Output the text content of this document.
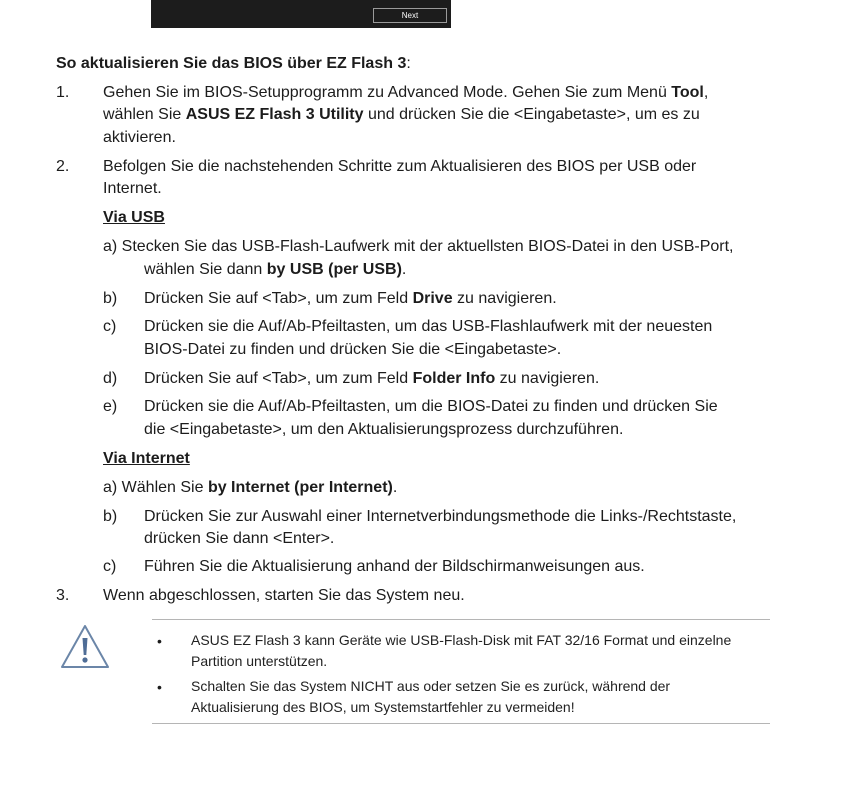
Next
So aktualisieren Sie das BIOS über EZ Flash 3:
1. Gehen Sie im BIOS-Setupprogramm zu Advanced Mode. Gehen Sie zum Menü Tool,
wählen Sie ASUS EZ Flash 3 Utility und drücken Sie die <Eingabetaste>, um es zu
aktivieren.
2. Befolgen Sie die nachstehenden Schritte zum Aktualisieren des BIOS per USB oder
Internet.
Via USB
a) Stecken Sie das USB-Flash-Laufwerk mit der aktuellsten BIOS-Datei in den USB-Port,
wählen Sie dann by USB (per USB).
b) Drücken Sie auf <Tab>, um zum Feld Drive zu navigieren.
c) Drücken sie die Auf/Ab-Pfeiltasten, um das USB-Flashlaufwerk mit der neuesten
BIOS-Datei zu finden und drücken Sie die <Eingabetaste>.
d) Drücken Sie auf <Tab>, um zum Feld Folder Info zu navigieren.
e) Drücken sie die Auf/Ab-Pfeiltasten, um die BIOS-Datei zu finden und drücken Sie
die <Eingabetaste>, um den Aktualisierungsprozess durchzuführen.
Via Internet
a) Wählen Sie by Internet (per Internet).
b) Drücken Sie zur Auswahl einer Internetverbindungsmethode die Links-/Rechtstaste,
drücken Sie dann <Enter>.
c) Führen Sie die Aktualisierung anhand der Bildschirmanweisungen aus.
3. Wenn abgeschlossen, starten Sie das System neu.
• ASUS EZ Flash 3 kann Geräte wie USB-Flash-Disk mit FAT 32/16 Format und einzelne
Partition unterstützen.
• Schalten Sie das System NICHT aus oder setzen Sie es zurück, während der
Aktualisierung des BIOS, um Systemstartfehler zu vermeiden!
